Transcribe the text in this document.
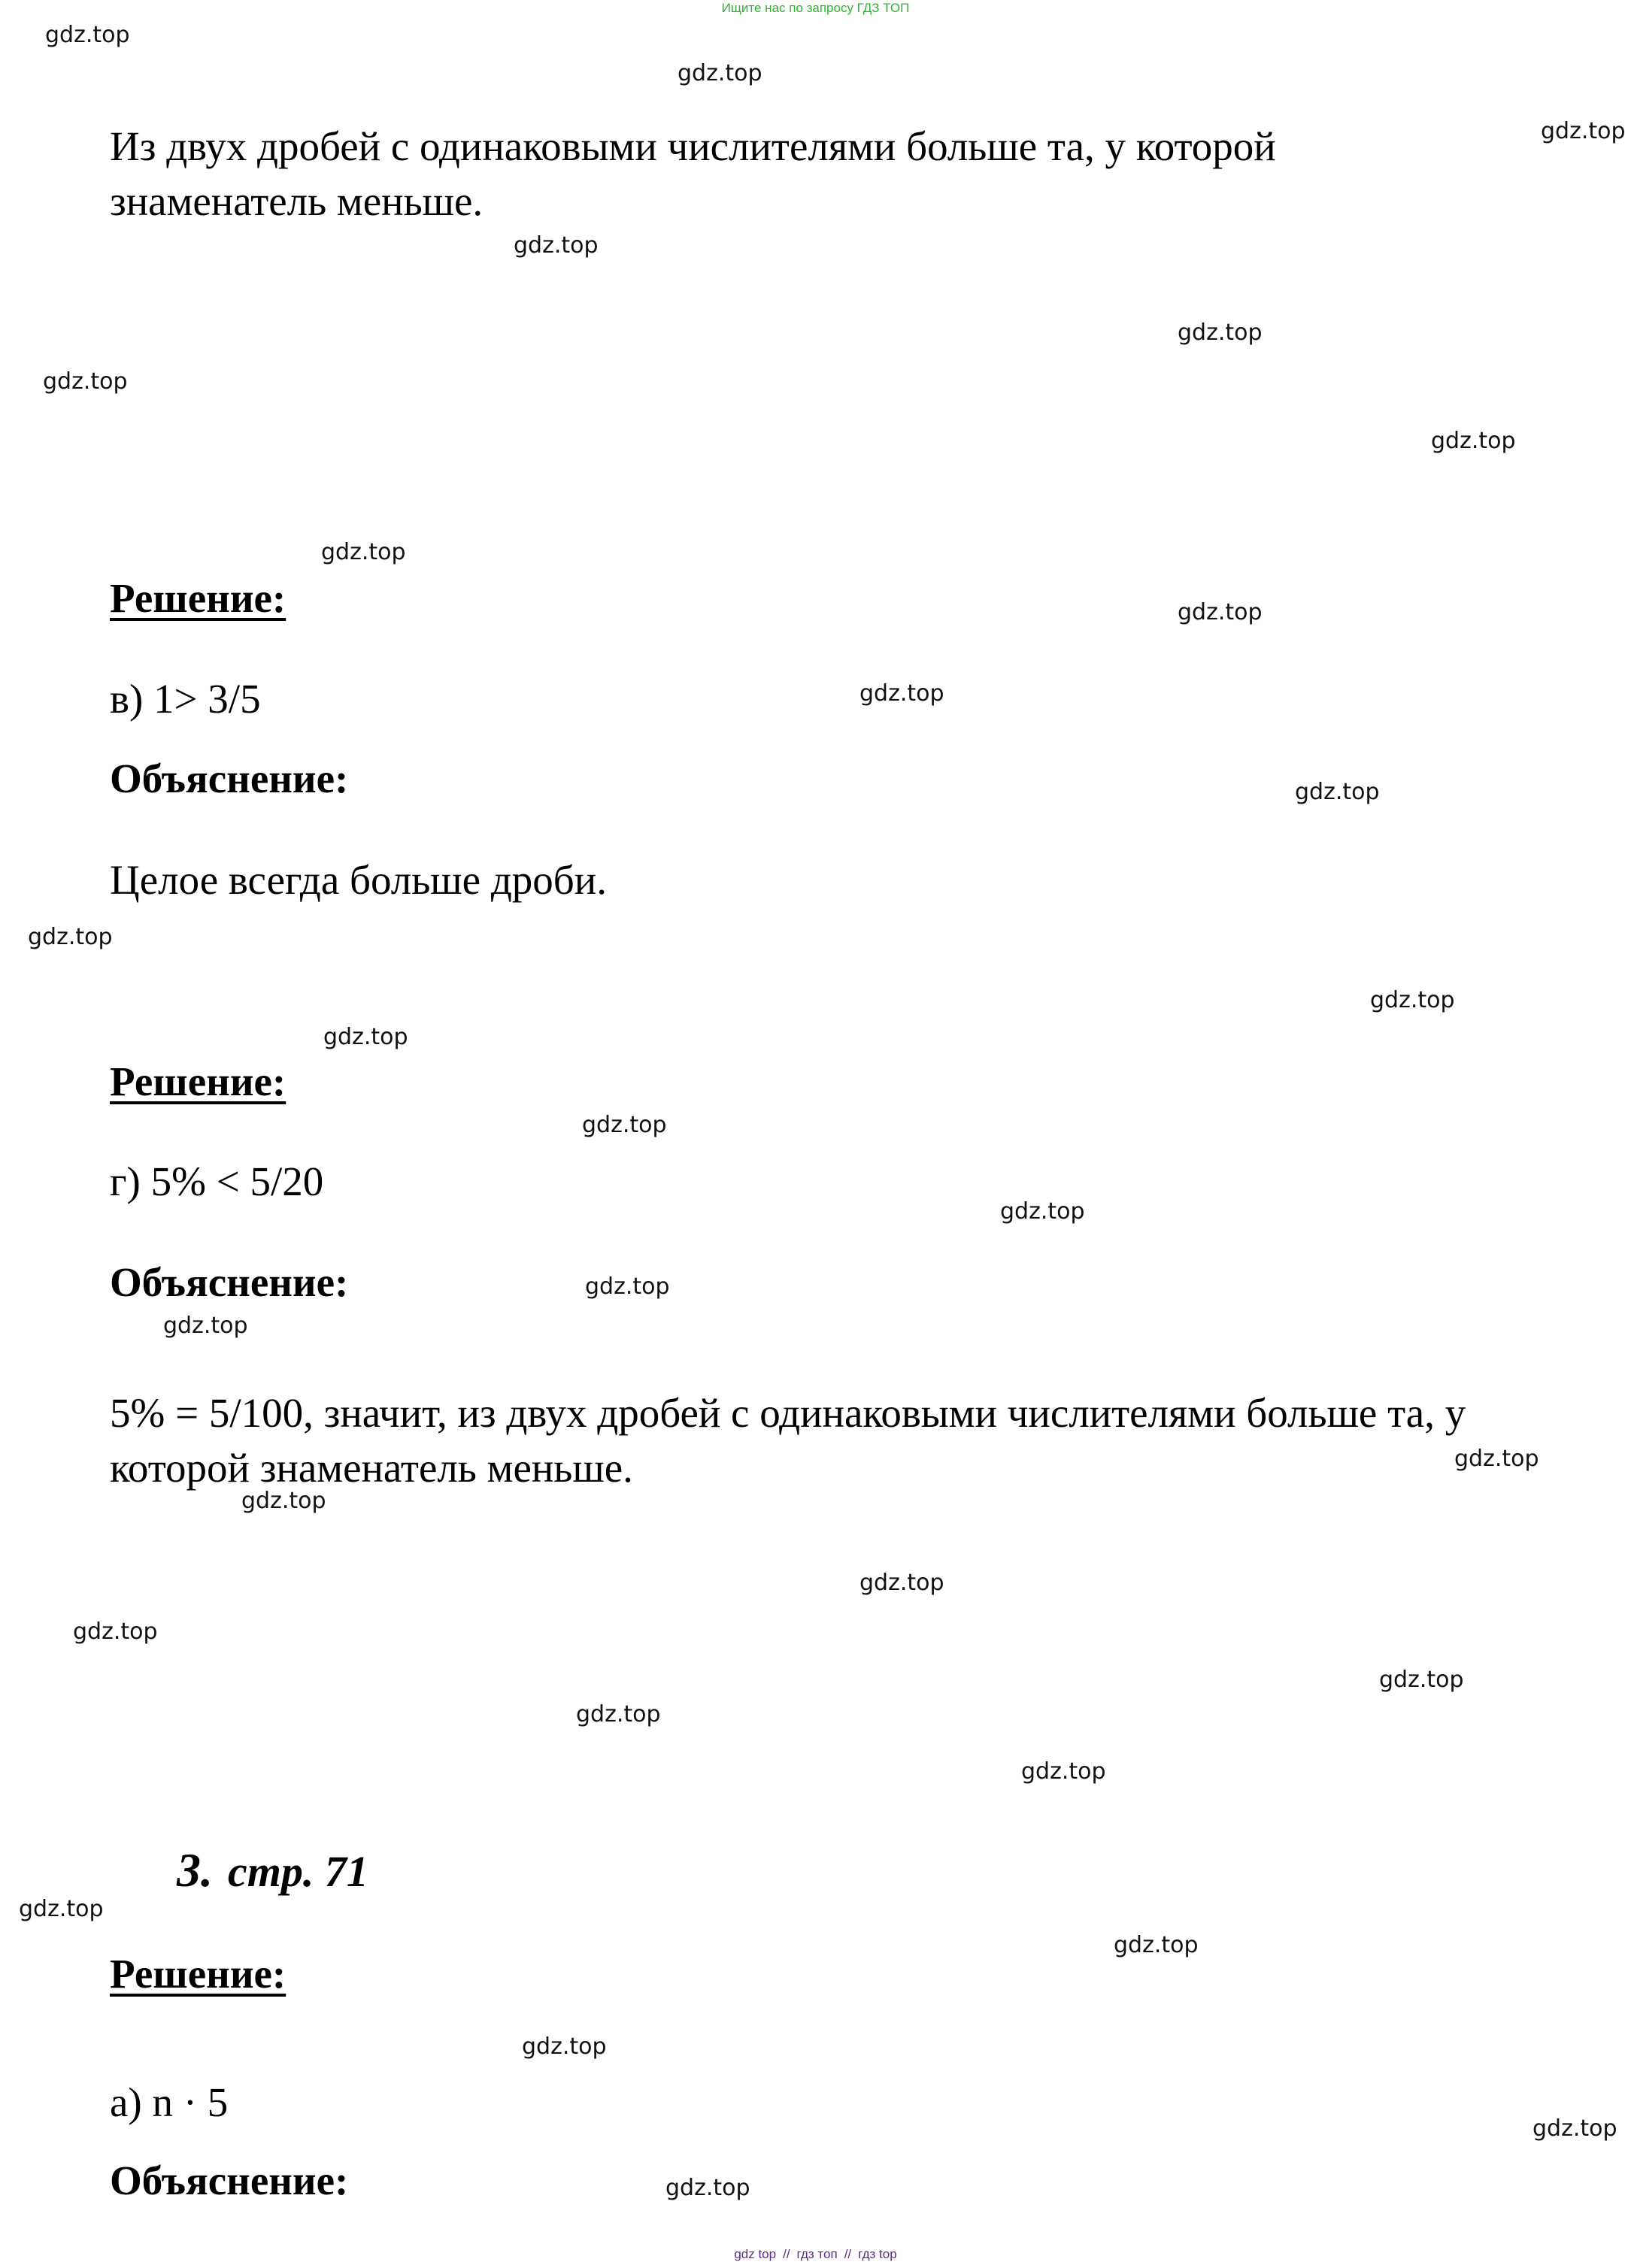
Ищите нас по запросу ГДЗ ТОП
gdz.top
gdz.top
gdz.top
gdz.top
gdz.top
gdz.top
gdz.top
gdz.top
gdz.top
gdz.top
gdz.top
gdz.top
gdz.top
gdz.top
gdz.top
gdz.top
gdz.top
gdz.top
gdz.top
gdz.top
gdz.top
gdz.top
gdz.top
gdz.top
gdz.top
gdz.top
gdz.top
gdz.top
gdz.top
gdz.top
Из двух дробей с одинаковыми числителями больше та, у которой
знаменатель меньше.
Решение:
в) 1> 3/5
Объяснение:
Целое всегда больше дроби.
Решение:
г) 5% < 5/20
Объяснение:
5% = 5/100, значит, из двух дробей с одинаковыми числителями больше та, у
которой знаменатель меньше.
3. стр. 71
Решение:
а) n · 5
Объяснение:
gdz top // гдз топ // гдз top
